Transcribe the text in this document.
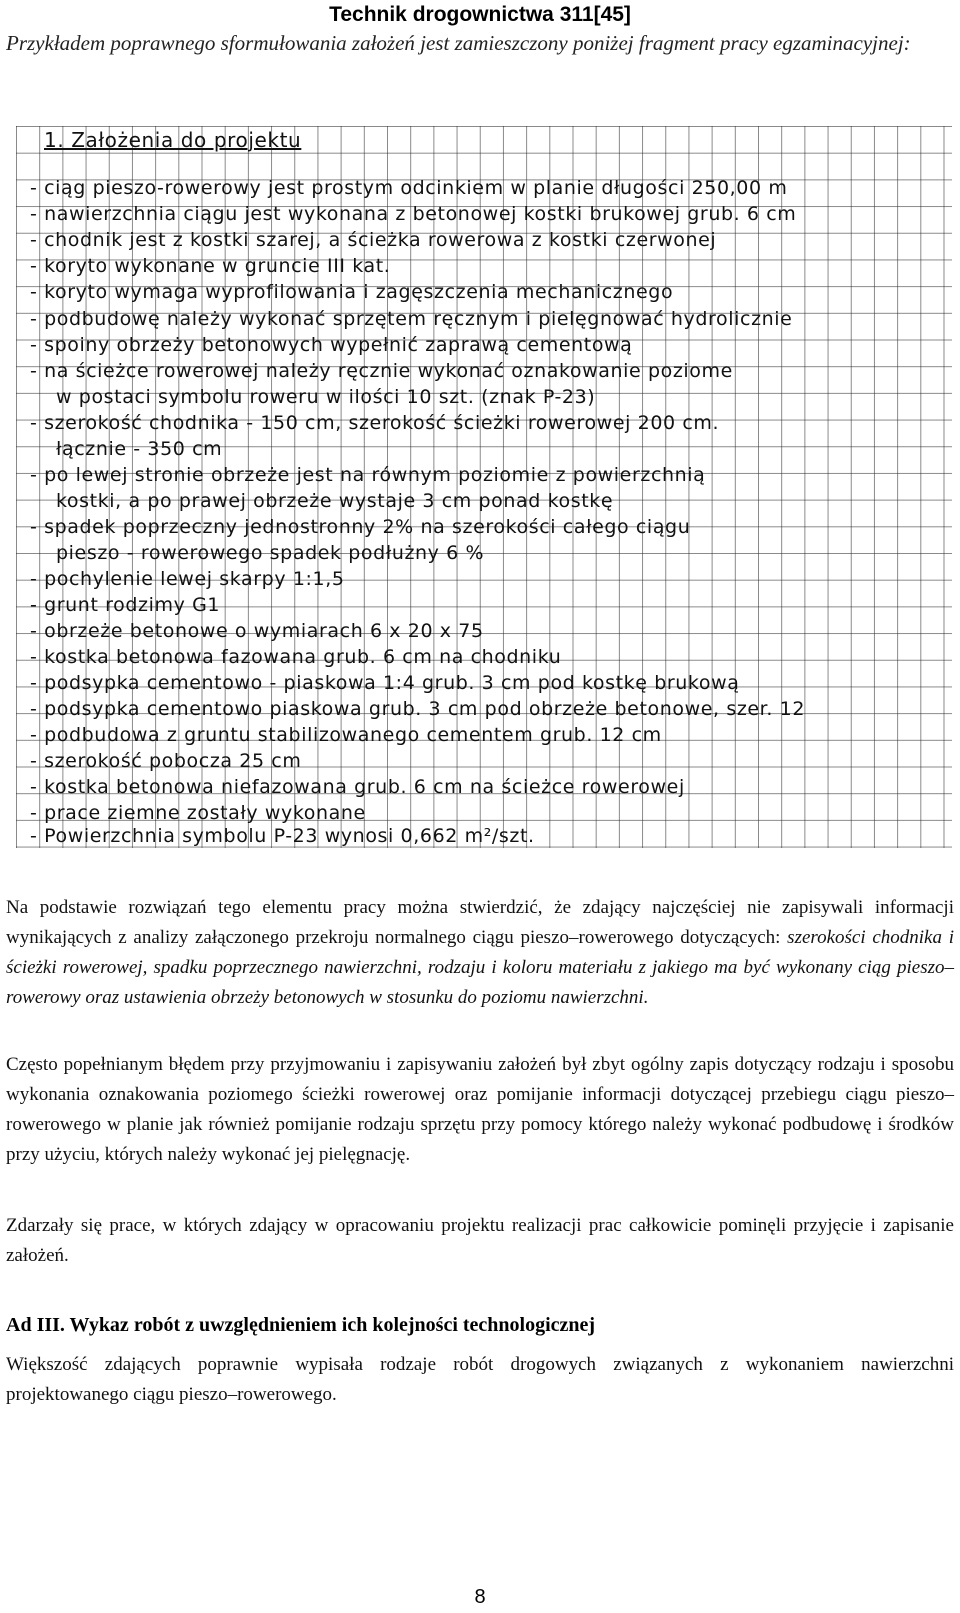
Technik drogownictwa 311[45]
Przykładem poprawnego sformułowania założeń jest zamieszczony poniżej fragment pracy egzaminacyjnej:
1. Założenia do projektu
- ciąg pieszo-rowerowy jest prostym odcinkiem w planie długości 250,00 m
- nawierzchnia ciągu jest wykonana z betonowej kostki brukowej grub. 6 cm
- chodnik jest z kostki szarej, a ścieżka rowerowa z kostki czerwonej
- koryto wykonane w gruncie III kat.
- koryto wymaga wyprofilowania i zagęszczenia mechanicznego
- podbudowę należy wykonać sprzętem ręcznym i pielęgnować hydrolicznie
- spoiny obrzeży betonowych wypełnić zaprawą cementową
- na ścieżce rowerowej należy ręcznie wykonać oznakowanie poziome
w postaci symbolu roweru w ilości 10 szt. (znak P-23)
- szerokość chodnika - 150 cm, szerokość ścieżki rowerowej 200 cm.
łącznie - 350 cm
- po lewej stronie obrzeże jest na równym poziomie z powierzchnią
kostki, a po prawej obrzeże wystaje 3 cm ponad kostkę
- spadek poprzeczny jednostronny 2% na szerokości całego ciągu
pieszo - rowerowego spadek podłużny 6 %
- pochylenie lewej skarpy 1:1,5
- grunt rodzimy G1
- obrzeże betonowe o wymiarach 6 x 20 x 75
- kostka betonowa fazowana grub. 6 cm na chodniku
- podsypka cementowo - piaskowa 1:4 grub. 3 cm pod kostkę brukową
- podsypka cementowo piaskowa grub. 3 cm pod obrzeże betonowe, szer. 12
- podbudowa z gruntu stabilizowanego cementem grub. 12 cm
- szerokość pobocza 25 cm
- kostka betonowa niefazowana grub. 6 cm na ścieżce rowerowej
- prace ziemne zostały wykonane
- Powierzchnia symbolu P-23 wynosi 0,662 m²/szt.

Na podstawie rozwiązań tego elementu pracy można stwierdzić, że zdający najczęściej nie zapisywali informacji wynikających z analizy załączonego przekroju normalnego ciągu pieszo–rowerowego dotyczących: szerokości chodnika i ścieżki rowerowej, spadku poprzecznego nawierzchni, rodzaju i koloru materiału z jakiego ma być wykonany ciąg pieszo–rowerowy oraz ustawienia obrzeży betonowych w stosunku do poziomu nawierzchni.

Często popełnianym błędem przy przyjmowaniu i zapisywaniu założeń był zbyt ogólny zapis dotyczący rodzaju i sposobu wykonania oznakowania poziomego ścieżki rowerowej oraz pomijanie informacji dotyczącej przebiegu ciągu pieszo–rowerowego w planie jak również pomijanie rodzaju sprzętu przy pomocy którego należy wykonać podbudowę i środków przy użyciu, których należy wykonać jej pielęgnację.

Zdarzały się prace, w których zdający w opracowaniu projektu realizacji prac całkowicie pominęli przyjęcie i zapisanie założeń.

Ad III. Wykaz robót z uwzględnieniem ich kolejności technologicznej

Większość zdających poprawnie wypisała rodzaje robót drogowych związanych z wykonaniem nawierzchni projektowanego ciągu pieszo–rowerowego.

8
